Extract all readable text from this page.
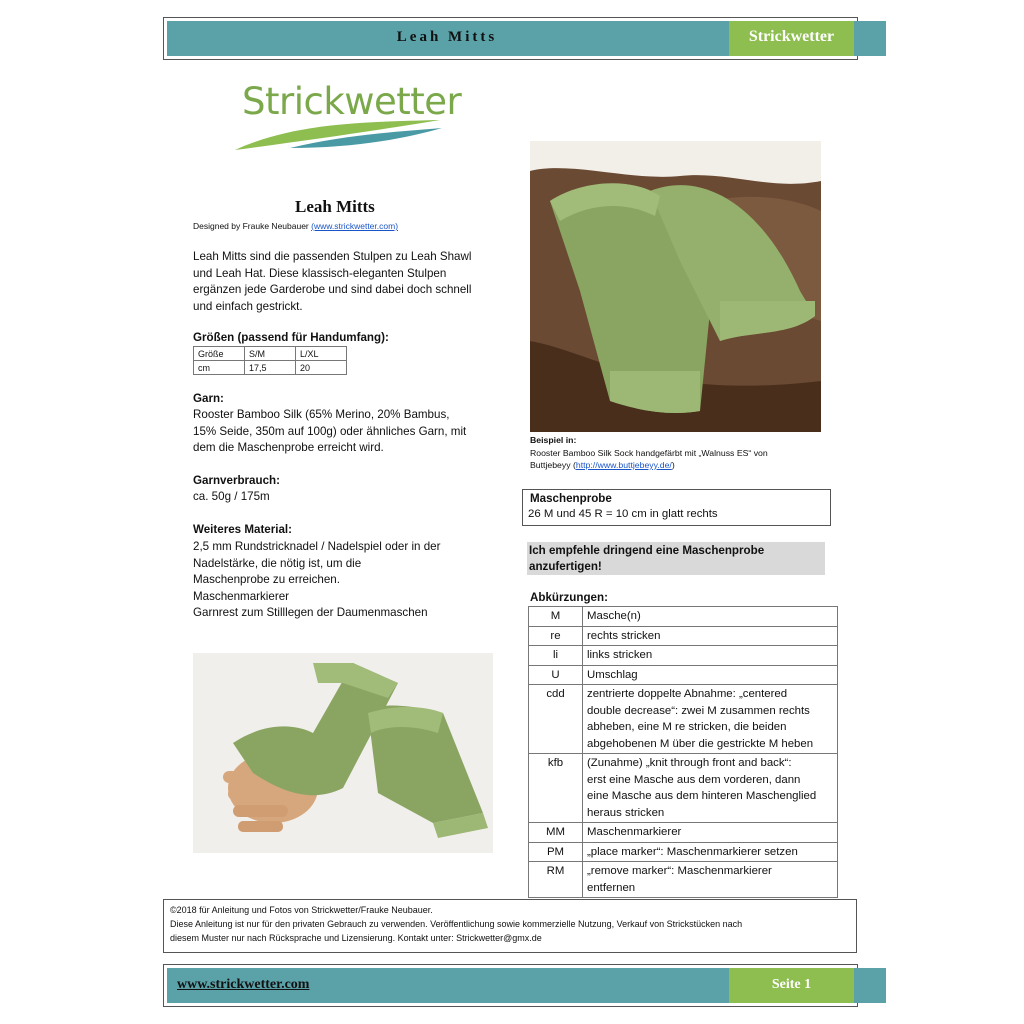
Leah Mitts	Strickwetter
Strickwetter
Leah Mitts
Designed by Frauke Neubauer (www.strickwetter.com)
Leah Mitts sind die passenden Stulpen zu Leah Shawl
und Leah Hat. Diese klassisch-eleganten Stulpen
ergänzen jede Garderobe und sind dabei doch schnell
und einfach gestrickt.
Größen (passend für Handumfang):
Größe	S/M	L/XL
cm	17,5	20
Garn:
Rooster Bamboo Silk (65% Merino, 20% Bambus,
15% Seide, 350m auf 100g) oder ähnliches Garn, mit
dem die Maschenprobe erreicht wird.
Garnverbrauch:
ca. 50g / 175m
Weiteres Material:
2,5 mm Rundstricknadel / Nadelspiel oder in der
Nadelstärke, die nötig ist, um die
Maschenprobe zu erreichen.
Maschenmarkierer
Garnrest zum Stilllegen der Daumenmaschen
Beispiel in:
Rooster Bamboo Silk Sock handgefärbt mit „Walnuss ES“ von
Buttjebeyy (http://www.buttjebeyy.de/)
Maschenprobe
26 M und 45 R = 10 cm in glatt rechts
Ich empfehle dringend eine Maschenprobe
anzufertigen!
Abkürzungen:
M	Masche(n)

re	rechts stricken

li	links stricken

U	Umschlag

cdd	zentrierte doppelte Abnahme: „centered
double decrease“: zwei M zusammen rechts
abheben, eine M re stricken, die beiden
abgehobenen M über die gestrickte M heben

kfb	(Zunahme) „knit through front and back“:
erst eine Masche aus dem vorderen, dann
eine Masche aus dem hinteren Maschenglied
heraus stricken

MM	Maschenmarkierer

PM	„place marker“: Maschenmarkierer setzen

RM	„remove marker“: Maschenmarkierer
entfernen
©2018 für Anleitung und Fotos von Strickwetter/Frauke Neubauer.
Diese Anleitung ist nur für den privaten Gebrauch zu verwenden. Veröffentlichung sowie kommerzielle Nutzung, Verkauf von Strickstücken nach
diesem Muster nur nach Rücksprache und Lizensierung. Kontakt unter: Strickwetter@gmx.de
www.strickwetter.com	Seite 1
